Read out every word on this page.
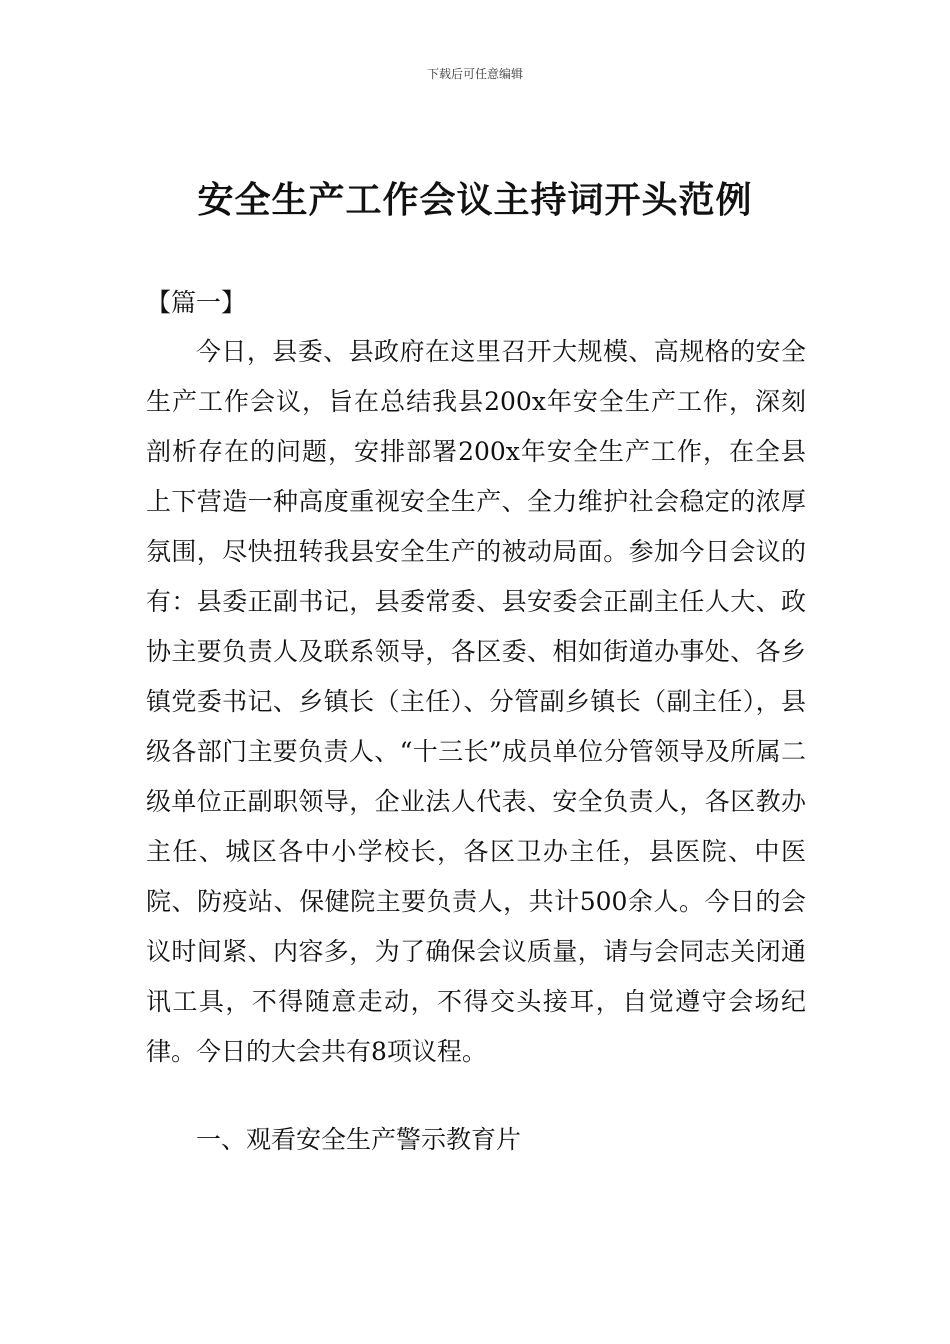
下载后可任意编辑
安全生产工作会议主持词开头范例
【篇一】

今日，县委、县政府在这里召开大规模、高规格的安全生产工作会议，旨在总结我县200x年安全生产工作，深刻剖析存在的问题，安排部署200x年安全生产工作，在全县上下营造一种高度重视安全生产、全力维护社会稳定的浓厚氛围，尽快扭转我县安全生产的被动局面。参加今日会议的有：县委正副书记，县委常委、县安委会正副主任人大、政协主要负责人及联系领导，各区委、相如街道办事处、各乡镇党委书记、乡镇长（主任）、分管副乡镇长（副主任），县级各部门主要负责人、“十三长”成员单位分管领导及所属二级单位正副职领导，企业法人代表、安全负责人，各区教办主任、城区各中小学校长，各区卫办主任，县医院、中医院、防疫站、保健院主要负责人，共计500余人。今日的会议时间紧、内容多，为了确保会议质量，请与会同志关闭通讯工具，不得随意走动，不得交头接耳，自觉遵守会场纪律。今日的大会共有8项议程。

一、观看安全生产警示教育片
